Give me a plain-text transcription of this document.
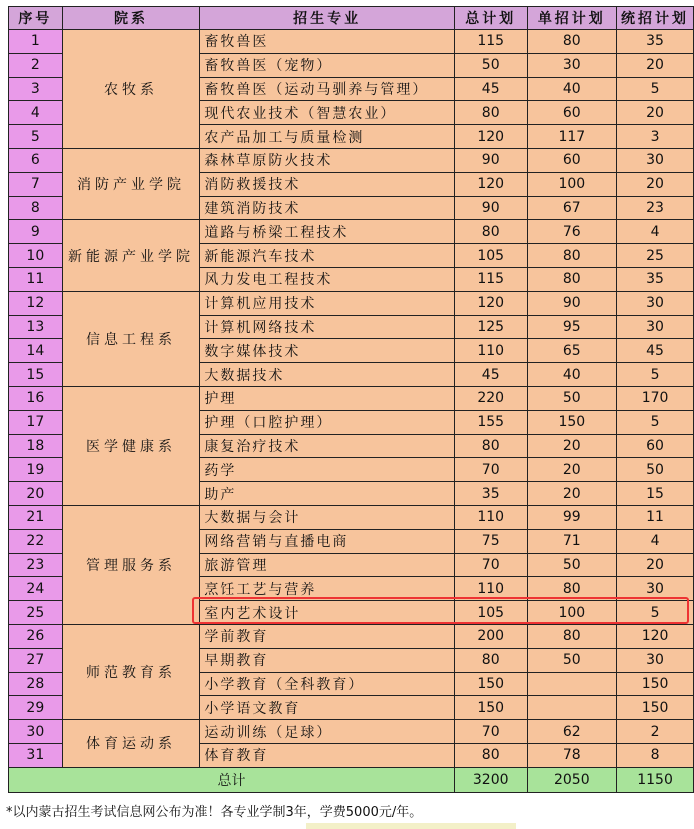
序号	院系	招生专业	总计划	单招计划	统招计划
1	农牧系	畜牧兽医	115	80	35
2		畜牧兽医（宠物）	50	30	20
3		畜牧兽医（运动马驯养与管理）	45	40	5
4		现代农业技术（智慧农业）	80	60	20
5		农产品加工与质量检测	120	117	3
6	消防产业学院	森林草原防火技术	90	60	30
7		消防救援技术	120	100	20
8		建筑消防技术	90	67	23
9	新能源产业学院	道路与桥梁工程技术	80	76	4
10		新能源汽车技术	105	80	25
11		风力发电工程技术	115	80	35
12	信息工程系	计算机应用技术	120	90	30
13		计算机网络技术	125	95	30
14		数字媒体技术	110	65	45
15		大数据技术	45	40	5
16	医学健康系	护理	220	50	170
17		护理（口腔护理）	155	150	5
18		康复治疗技术	80	20	60
19		药学	70	20	50
20		助产	35	20	15
21	管理服务系	大数据与会计	110	99	11
22		网络营销与直播电商	75	71	4
23		旅游管理	70	50	20
24		烹饪工艺与营养	110	80	30
25		室内艺术设计	105	100	5
26	师范教育系	学前教育	200	80	120
27		早期教育	80	50	30
28		小学教育（全科教育）	150		150
29		小学语文教育	150		150
30	体育运动系	运动训练（足球）	70	62	2
31		体育教育	80	78	8
总计			3200	2050	1150
*以内蒙古招生考试信息网公布为准！各专业学制3年，学费5000元/年。
